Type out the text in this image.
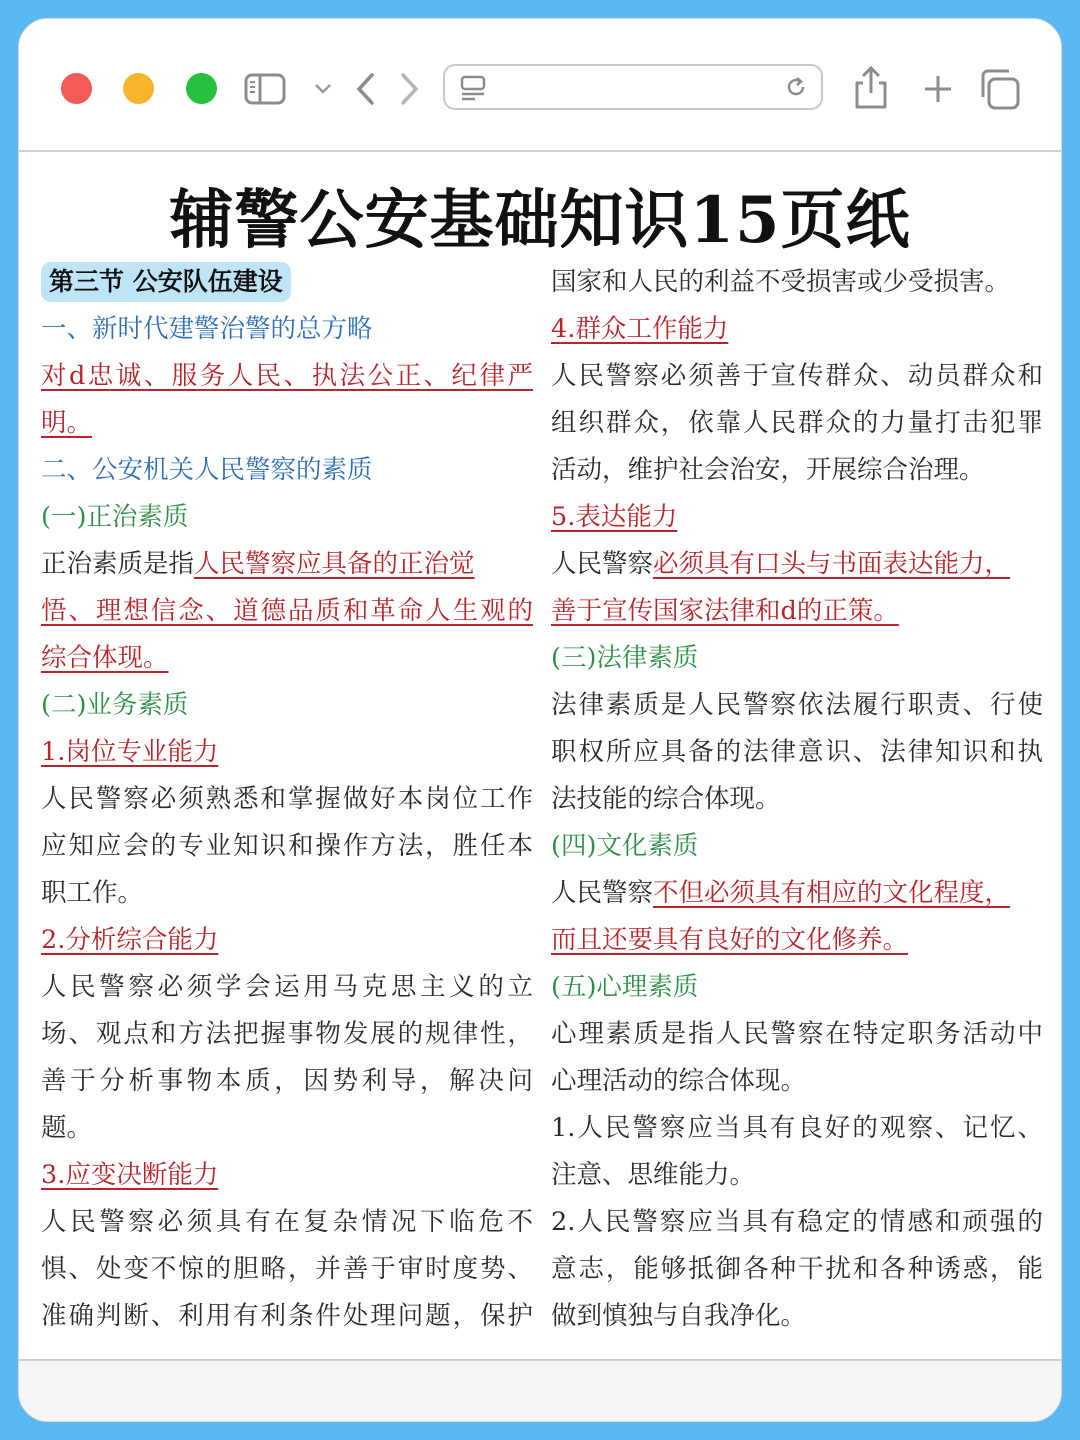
辅警公安基础知识15页纸
第三节 公安队伍建设
一、新时代建警治警的总方略
对d忠诚、服务人民、执法公正、纪律严
明。
二、公安机关人民警察的素质
(一)正治素质
正治素质是指人民警察应具备的正治觉
悟、理想信念、道德品质和革命人生观的
综合体现。
(二)业务素质
1.岗位专业能力
人民警察必须熟悉和掌握做好本岗位工作
应知应会的专业知识和操作方法，胜任本
职工作。
2.分析综合能力
人民警察必须学会运用马克思主义的立
场、观点和方法把握事物发展的规律性，
善于分析事物本质，因势利导，解决问
题。
3.应变决断能力
人民警察必须具有在复杂情况下临危不
惧、处变不惊的胆略，并善于审时度势、
准确判断、利用有利条件处理问题，保护
国家和人民的利益不受损害或少受损害。
4.群众工作能力
人民警察必须善于宣传群众、动员群众和
组织群众，依靠人民群众的力量打击犯罪
活动，维护社会治安，开展综合治理。
5.表达能力
人民警察必须具有口头与书面表达能力，
善于宣传国家法律和d的正策。
(三)法律素质
法律素质是人民警察依法履行职责、行使
职权所应具备的法律意识、法律知识和执
法技能的综合体现。
(四)文化素质
人民警察不但必须具有相应的文化程度，
而且还要具有良好的文化修养。
(五)心理素质
心理素质是指人民警察在特定职务活动中
心理活动的综合体现。
1.人民警察应当具有良好的观察、记忆、
注意、思维能力。
2.人民警察应当具有稳定的情感和顽强的
意志，能够抵御各种干扰和各种诱惑，能
做到慎独与自我净化。
